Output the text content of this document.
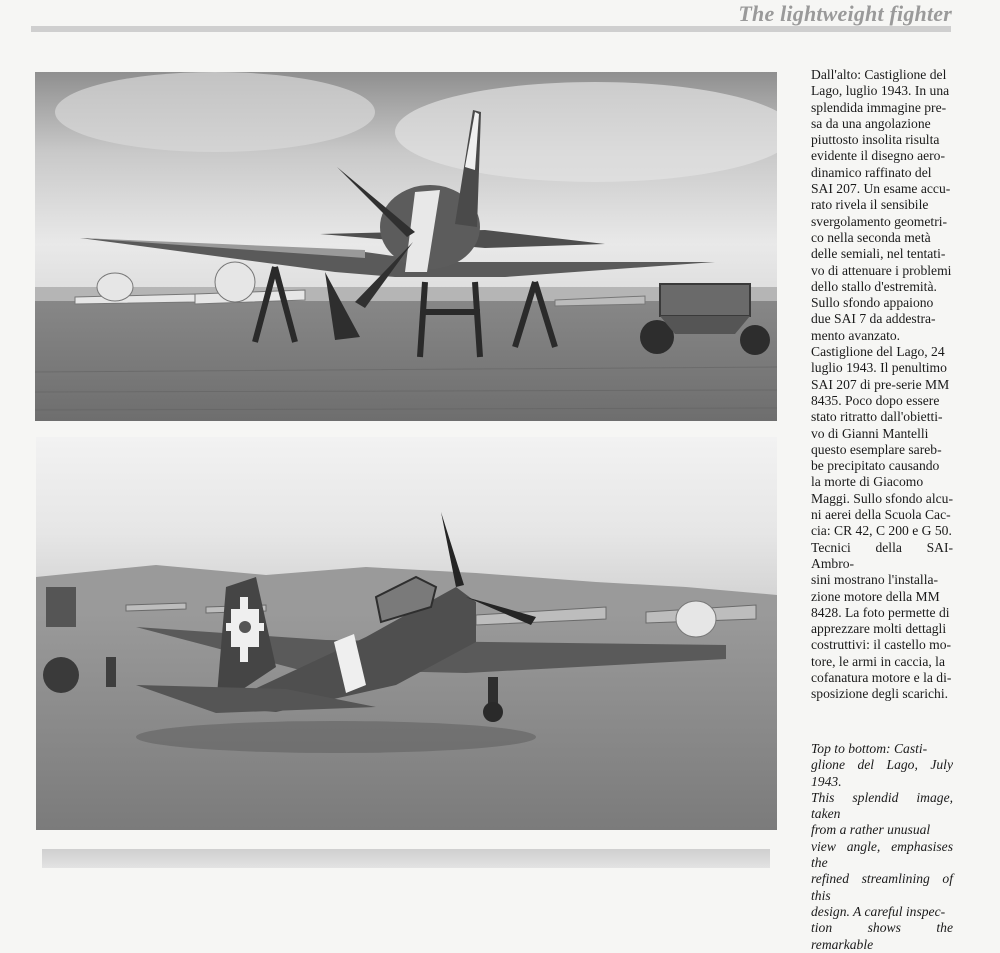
The lightweight fighter

Dall'alto: Castiglione del
Lago, luglio 1943. In una
splendida immagine pre-
sa da una angolazione
piuttosto insolita risulta
evidente il disegno aero-
dinamico raffinato del
SAI 207. Un esame accu-
rato rivela il sensibile
svergolamento geometri-
co nella seconda metà
delle semiali, nel tentati-
vo di attenuare i problemi
dello stallo d'estremità.
Sullo sfondo appaiono
due SAI 7 da addestra-
mento avanzato.
Castiglione del Lago, 24
luglio 1943. Il penultimo
SAI 207 di pre-serie MM
8435. Poco dopo essere
stato ritratto dall'obietti-
vo di Gianni Mantelli
questo esemplare sareb-
be precipitato causando
la morte di Giacomo
Maggi. Sullo sfondo alcu-
ni aerei della Scuola Cac-
cia: CR 42, C 200 e G 50.
Tecnici della SAI-Ambro-
sini mostrano l'installa-
zione motore della MM
8428. La foto permette di
apprezzare molti dettagli
costruttivi: il castello mo-
tore, le armi in caccia, la
cofanatura motore e la di-
sposizione degli scarichi.

Top to bottom: Casti-
glione del Lago, July 1943.
This splendid image, taken
from a rather unusual
view angle, emphasises the
refined streamlining of this
design. A careful inspec-
tion shows the remarkable
